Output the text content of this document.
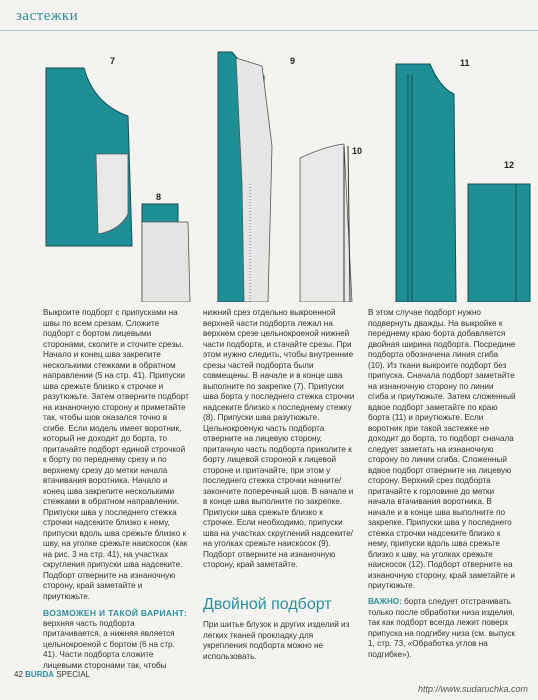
застежки
7
8
9
10
11
12

Выкроите подборт с припусками на швы по всем срезам. Сложите подборт с бортом лицевыми сторонами, сколите и сточите срезы. Начало и конец шва закрепите несколькими стежками в обратном направлении (5 на стр. 41). Припуски шва срежьте близко к строчке и разутюжьте. Затем отверните подборт на изнаночную сторону и приметайте так, чтобы шов оказался точно в сгибе. Если модель имеет воротник, который не доходит до борта, то притачайте подборт единой строчкой к борту по переднему срезу и по верхнему срезу до метки начала втачивания воротника. Начало и конец шва закрепите несколькими стежками в обратном направлении. Припуски шва у последнего стежка строчки надсеките близко к нему, припуски вдоль шва срежьте близко к шву, на уголке срежьте наискосок (как на рис. 3 на стр. 41), на участках скругления припуски шва надсеките. Подборт отверните на изнаночную сторону, край заметайте и приутюжьте.

ВОЗМОЖЕН И ТАКОЙ ВАРИАНТ:

верхняя часть подборта притачивается, а нижняя является цельнокроеной с бортом (6 на стр. 41). Части подборта сложите лицевыми сторонами так, чтобы

нижний срез отдельно выкроенной верхней части подборта лежал на верхнем срезе цельнокроеной нижней части подборта, и стачайте срезы. При этом нужно следить, чтобы внутренние срезы частей подборта были совмещены. В начале и в конце шва выполните по закрепке (7). Припуски шва борта у последнего стежка строчки надсеките близко к последнему стежку (8). Припуски шва разутюжьте. Цельнокроеную часть подборта отверните на лицевую сторону, притачную часть подборта приколите к борту лицевой стороной к лицевой стороне и притачайте, при этом у последнего стежка строчки начните/закончите поперечный шов. В начале и в конце шва выполните по закрепке. Припуски шва срежьте близко к строчке. Если необходимо, припуски шва на участках скруглений надсеките/на уголках срежьте наискосок (9). Подборт отверните на изнаночную сторону, край заметайте.

Двойной подборт
При шитье блузок и других изделий из легких тканей прокладку для укрепления подборта можно не использовать.

В этом случае подборт нужно подвернуть дважды. На выкройке к переднему краю борта добавляется двойная ширина подборта. Посредине подборта обозначена линия сгиба (10). Из ткани выкроите подборт без припуска. Сначала подборт заметайте на изнаночную сторону по линии сгиба и приутюжьте. Затем сложенный вдвое подборт заметайте по краю борта (11) и приутюжьте. Если воротник при такой застежке не доходит до борта, то подборт сначала следует заметать на изнаночную сторону по линии сгиба. Сложенный вдвое подборт отверните на лицевую сторону. Верхний срез подборта притачайте к горловине до метки начала втачивания воротника. В начале и в конце шва выполните по закрепке. Припуски шва у последнего стежка строчки надсеките близко к нему, припуски вдоль шва срежьте близко к шву, на уголках срежьте наискосок (12). Подборт отверните на изнаночную сторону, край заметайте и приутюжьте.

ВАЖНО: борта следует отстрачивать только после обработки низа изделия, так как подборт всегда лежит поверх припуска на подгибку низа (см. выпуск 1, стр. 73, «Обработка углов на подгибке»).
42 BURDA SPECIAL
http://www.sudaruchka.com
